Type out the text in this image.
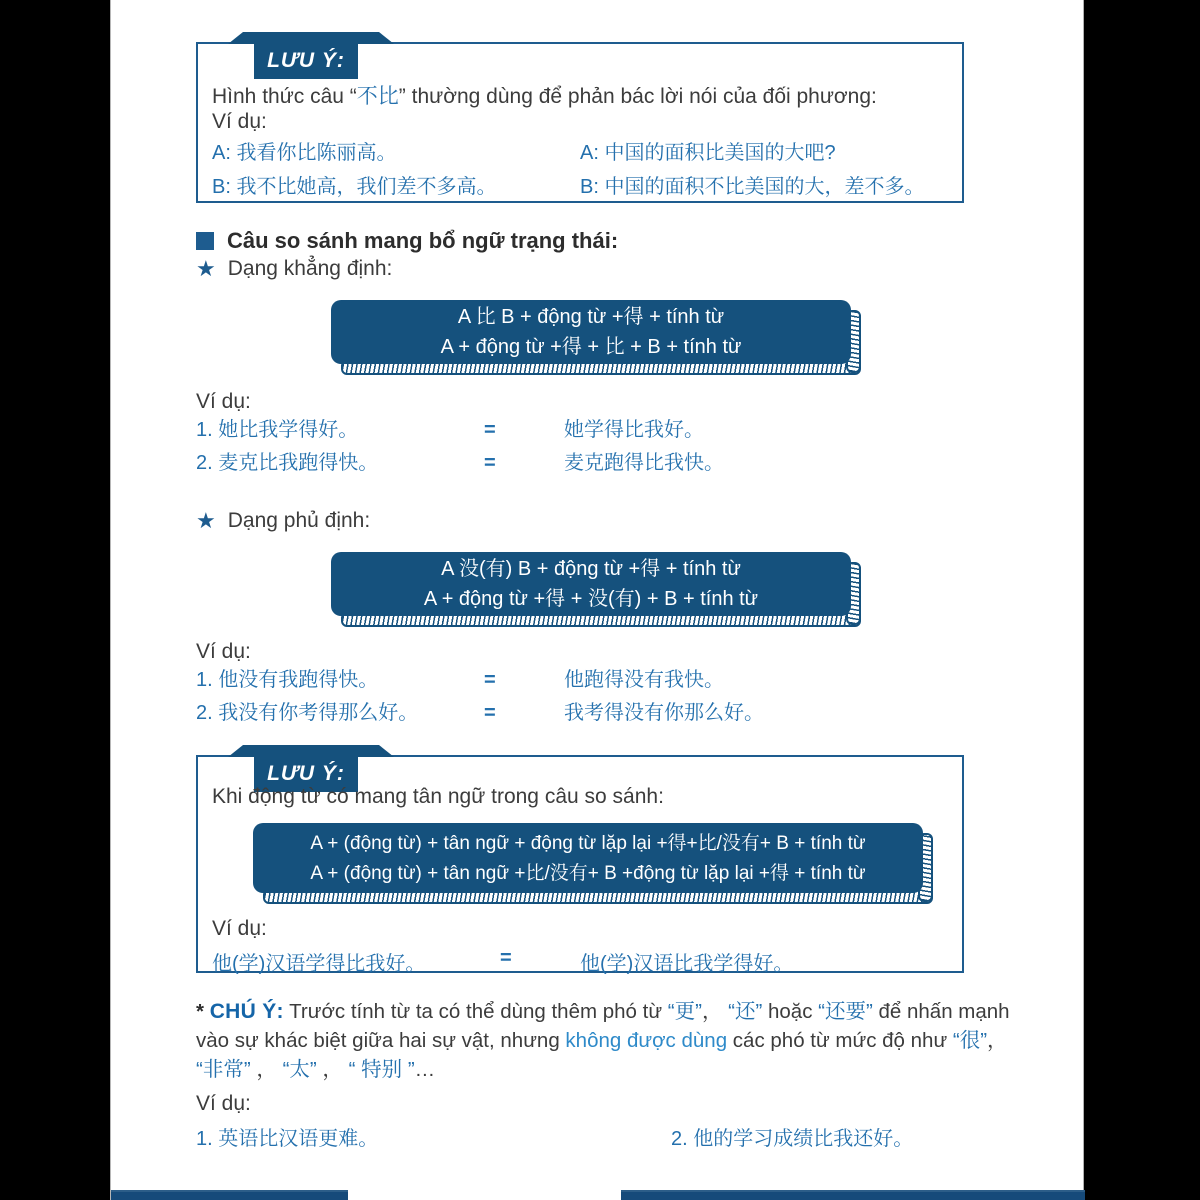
LƯU Ý:
Hình thức câu “不比” thường dùng để phản bác lời nói của đối phương:
Ví dụ:
A: 我看你比陈丽高。	A: 中国的面积比美国的大吧?
B: 我不比她高，我们差不多高。	B: 中国的面积不比美国的大，差不多。
Câu so sánh mang bổ ngữ trạng thái:
★ Dạng khẳng định:
A 比 B + động từ +得 + tính từ
A + động từ +得 + 比 + B + tính từ
Ví dụ:
1. 她比我学得好。	=	她学得比我好。
2. 麦克比我跑得快。	=	麦克跑得比我快。
★ Dạng phủ định:
A 没(有) B + động từ +得 + tính từ
A + động từ +得 + 没(有) + B + tính từ
Ví dụ:
1. 他没有我跑得快。	=	他跑得没有我快。
2. 我没有你考得那么好。	=	我考得没有你那么好。
LƯU Ý:
Khi động từ có mang tân ngữ trong câu so sánh:
A + (động từ) + tân ngữ + động từ lặp lại +得+比/没有+ B + tính từ
A + (động từ) + tân ngữ +比/没有+ B +động từ lặp lại +得 + tính từ
Ví dụ:
他(学)汉语学得比我好。	=	他(学)汉语比我学得好。
* CHÚ Ý: Trước tính từ ta có thể dùng thêm phó từ “更”， “还” hoặc “还要” để nhấn mạnh vào sự khác biệt giữa hai sự vật, nhưng không được dùng các phó từ mức độ như “很”， “非常” ， “太” ， “ 特别 ”…
Ví dụ:
1. 英语比汉语更难。	2. 他的学习成绩比我还好。
